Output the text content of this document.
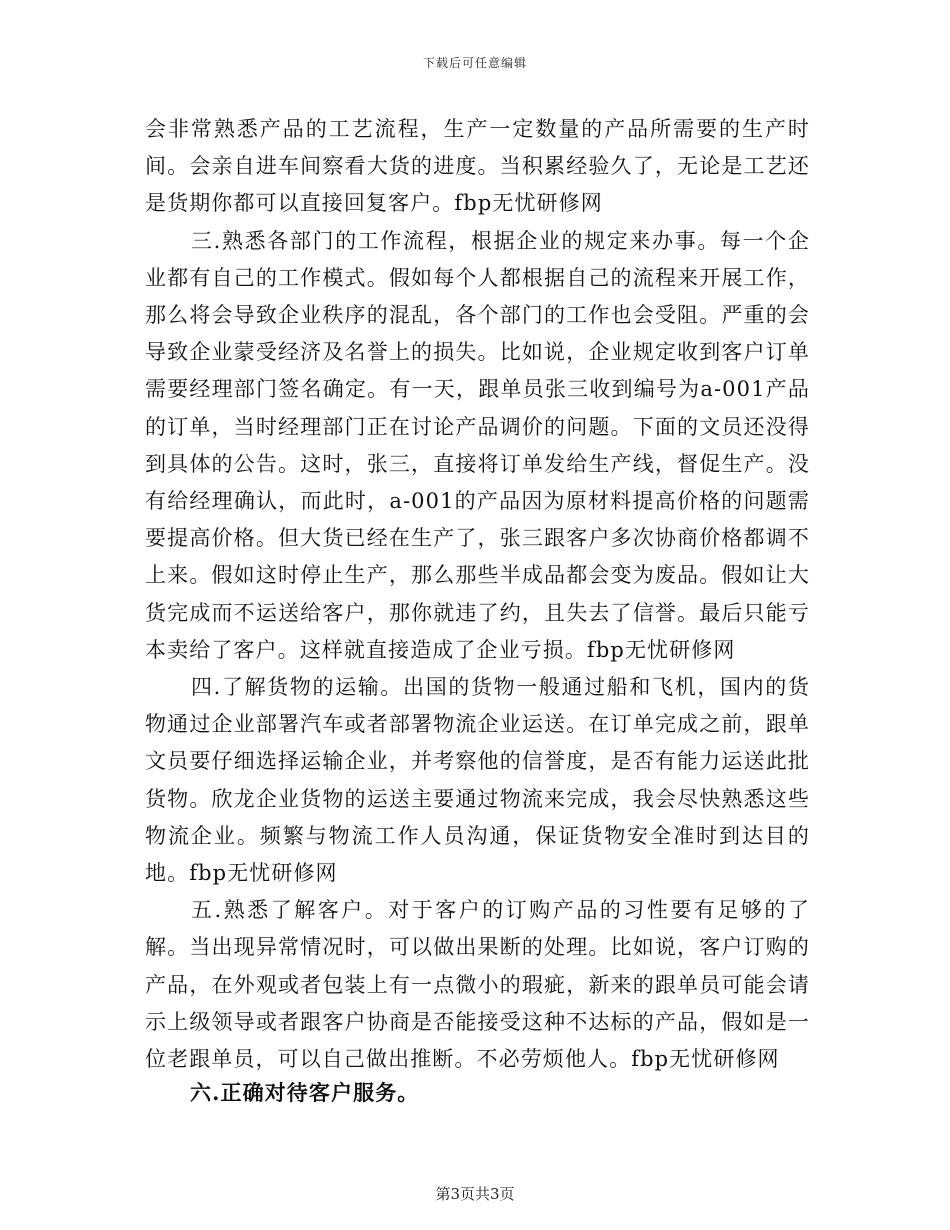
下载后可任意编辑

会非常熟悉产品的工艺流程，生产一定数量的产品所需要的生产时间。会亲自进车间察看大货的进度。当积累经验久了，无论是工艺还是货期你都可以直接回复客户。fbp无忧研修网

三.熟悉各部门的工作流程，根据企业的规定来办事。每一个企业都有自己的工作模式。假如每个人都根据自己的流程来开展工作，那么将会导致企业秩序的混乱，各个部门的工作也会受阻。严重的会导致企业蒙受经济及名誉上的损失。比如说，企业规定收到客户订单需要经理部门签名确定。有一天，跟单员张三收到编号为a-001产品的订单，当时经理部门正在讨论产品调价的问题。下面的文员还没得到具体的公告。这时，张三，直接将订单发给生产线，督促生产。没有给经理确认，而此时，a-001的产品因为原材料提高价格的问题需要提高价格。但大货已经在生产了，张三跟客户多次协商价格都调不上来。假如这时停止生产，那么那些半成品都会变为废品。假如让大货完成而不运送给客户，那你就违了约，且失去了信誉。最后只能亏本卖给了客户。这样就直接造成了企业亏损。fbp无忧研修网

四.了解货物的运输。出国的货物一般通过船和飞机，国内的货物通过企业部署汽车或者部署物流企业运送。在订单完成之前，跟单文员要仔细选择运输企业，并考察他的信誉度，是否有能力运送此批货物。欣龙企业货物的运送主要通过物流来完成，我会尽快熟悉这些物流企业。频繁与物流工作人员沟通，保证货物安全准时到达目的地。fbp无忧研修网

五.熟悉了解客户。对于客户的订购产品的习性要有足够的了解。当出现异常情况时，可以做出果断的处理。比如说，客户订购的产品，在外观或者包装上有一点微小的瑕疵，新来的跟单员可能会请示上级领导或者跟客户协商是否能接受这种不达标的产品，假如是一位老跟单员，可以自己做出推断。不必劳烦他人。fbp无忧研修网

六.正确对待客户服务。
第3页共3页
